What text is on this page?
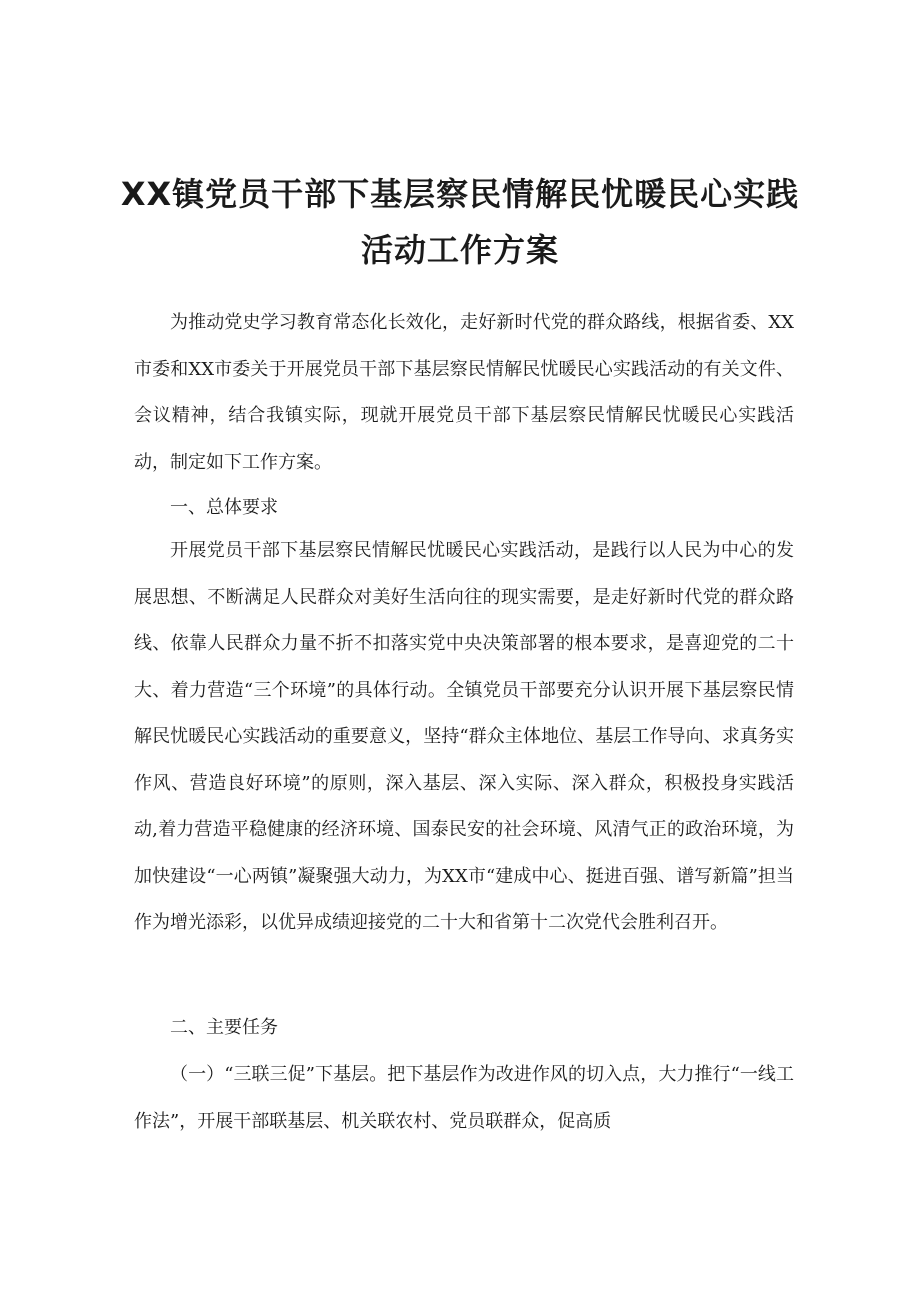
XX镇党员干部下基层察民情解民忧暖民心实践活动工作方案

为推动党史学习教育常态化长效化，走好新时代党的群众路线，根据省委、XX市委和XX市委关于开展党员干部下基层察民情解民忧暖民心实践活动的有关文件、会议精神，结合我镇实际，现就开展党员干部下基层察民情解民忧暖民心实践活动，制定如下工作方案。

一、总体要求

开展党员干部下基层察民情解民忧暖民心实践活动，是践行以人民为中心的发展思想、不断满足人民群众对美好生活向往的现实需要，是走好新时代党的群众路线、依靠人民群众力量不折不扣落实党中央决策部署的根本要求，是喜迎党的二十大、着力营造“三个环境”的具体行动。全镇党员干部要充分认识开展下基层察民情解民忧暖民心实践活动的重要意义，坚持“群众主体地位、基层工作导向、求真务实作风、营造良好环境”的原则，深入基层、深入实际、深入群众，积极投身实践活动,着力营造平稳健康的经济环境、国泰民安的社会环境、风清气正的政治环境，为加快建设“一心两镇”凝聚强大动力，为XX市“建成中心、挺进百强、谱写新篇”担当作为增光添彩，以优异成绩迎接党的二十大和省第十二次党代会胜利召开。

二、主要任务

（一）“三联三促”下基层。把下基层作为改进作风的切入点，大力推行“一线工作法”，开展干部联基层、机关联农村、党员联群众，促高质
